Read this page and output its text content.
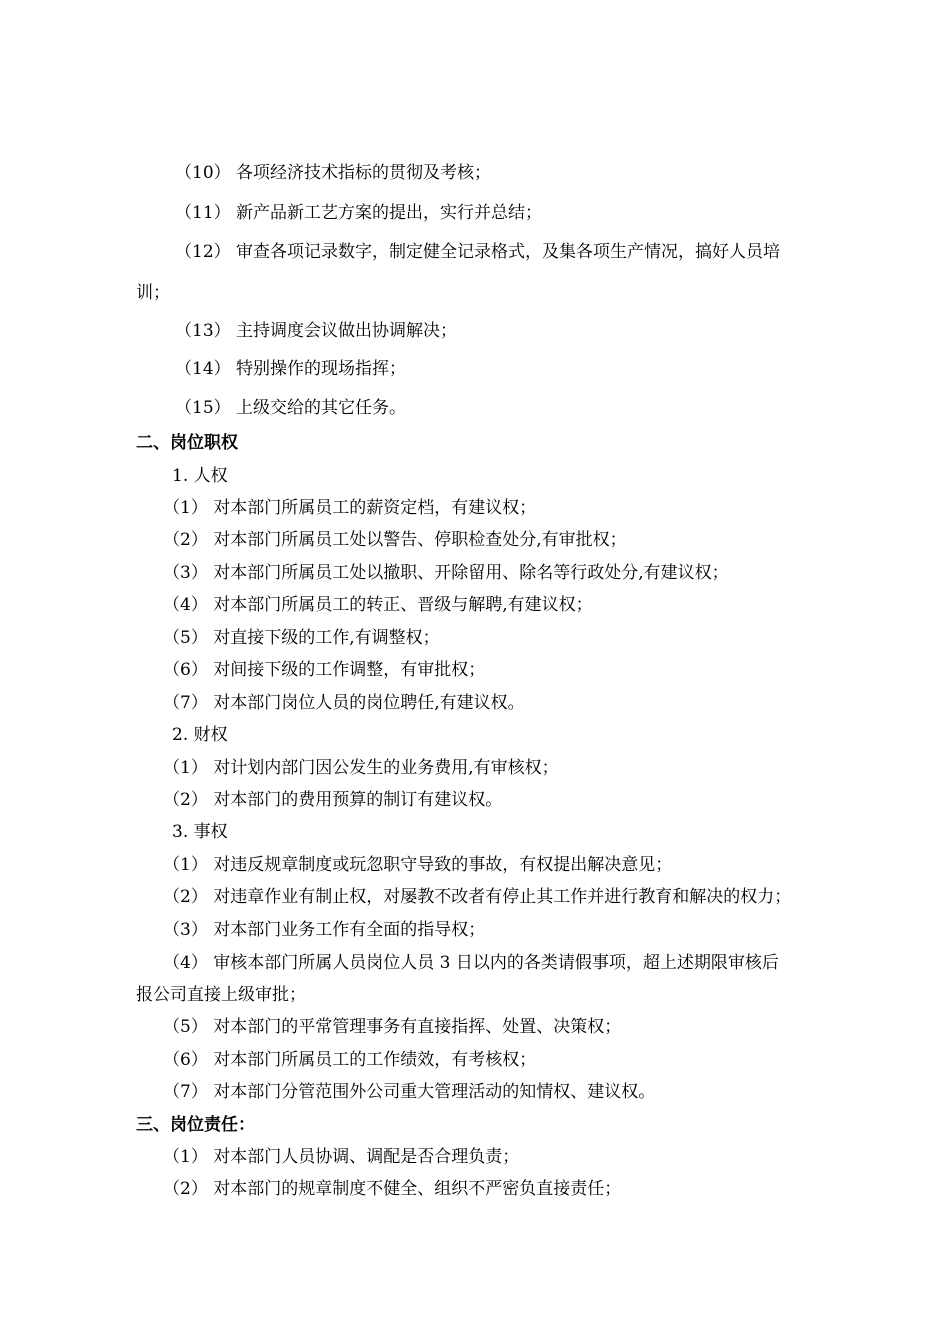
（10） 各项经济技术指标的贯彻及考核；
（11） 新产品新工艺方案的提出，实行并总结；
（12） 审查各项记录数字，制定健全记录格式，及集各项生产情况，搞好人员培
训；
（13） 主持调度会议做出协调解决；
（14） 特别操作的现场指挥；
（15） 上级交给的其它任务。
二、岗位职权
1. 人权
（1） 对本部门所属员工的薪资定档，有建议权；
（2） 对本部门所属员工处以警告、停职检查处分,有审批权；
（3） 对本部门所属员工处以撤职、开除留用、除名等行政处分,有建议权；
（4） 对本部门所属员工的转正、晋级与解聘,有建议权；
（5） 对直接下级的工作,有调整权；
（6） 对间接下级的工作调整，有审批权；
（7） 对本部门岗位人员的岗位聘任,有建议权。
2. 财权
（1） 对计划内部门因公发生的业务费用,有审核权；
（2） 对本部门的费用预算的制订有建议权。
3. 事权
（1） 对违反规章制度或玩忽职守导致的事故，有权提出解决意见；
（2） 对违章作业有制止权，对屡教不改者有停止其工作并进行教育和解决的权力；
（3） 对本部门业务工作有全面的指导权；
（4） 审核本部门所属人员岗位人员 3 日以内的各类请假事项，超上述期限审核后
报公司直接上级审批；
（5） 对本部门的平常管理事务有直接指挥、处置、决策权；
（6） 对本部门所属员工的工作绩效，有考核权；
（7） 对本部门分管范围外公司重大管理活动的知情权、建议权。
三、岗位责任：
（1） 对本部门人员协调、调配是否合理负责；
（2） 对本部门的规章制度不健全、组织不严密负直接责任；
